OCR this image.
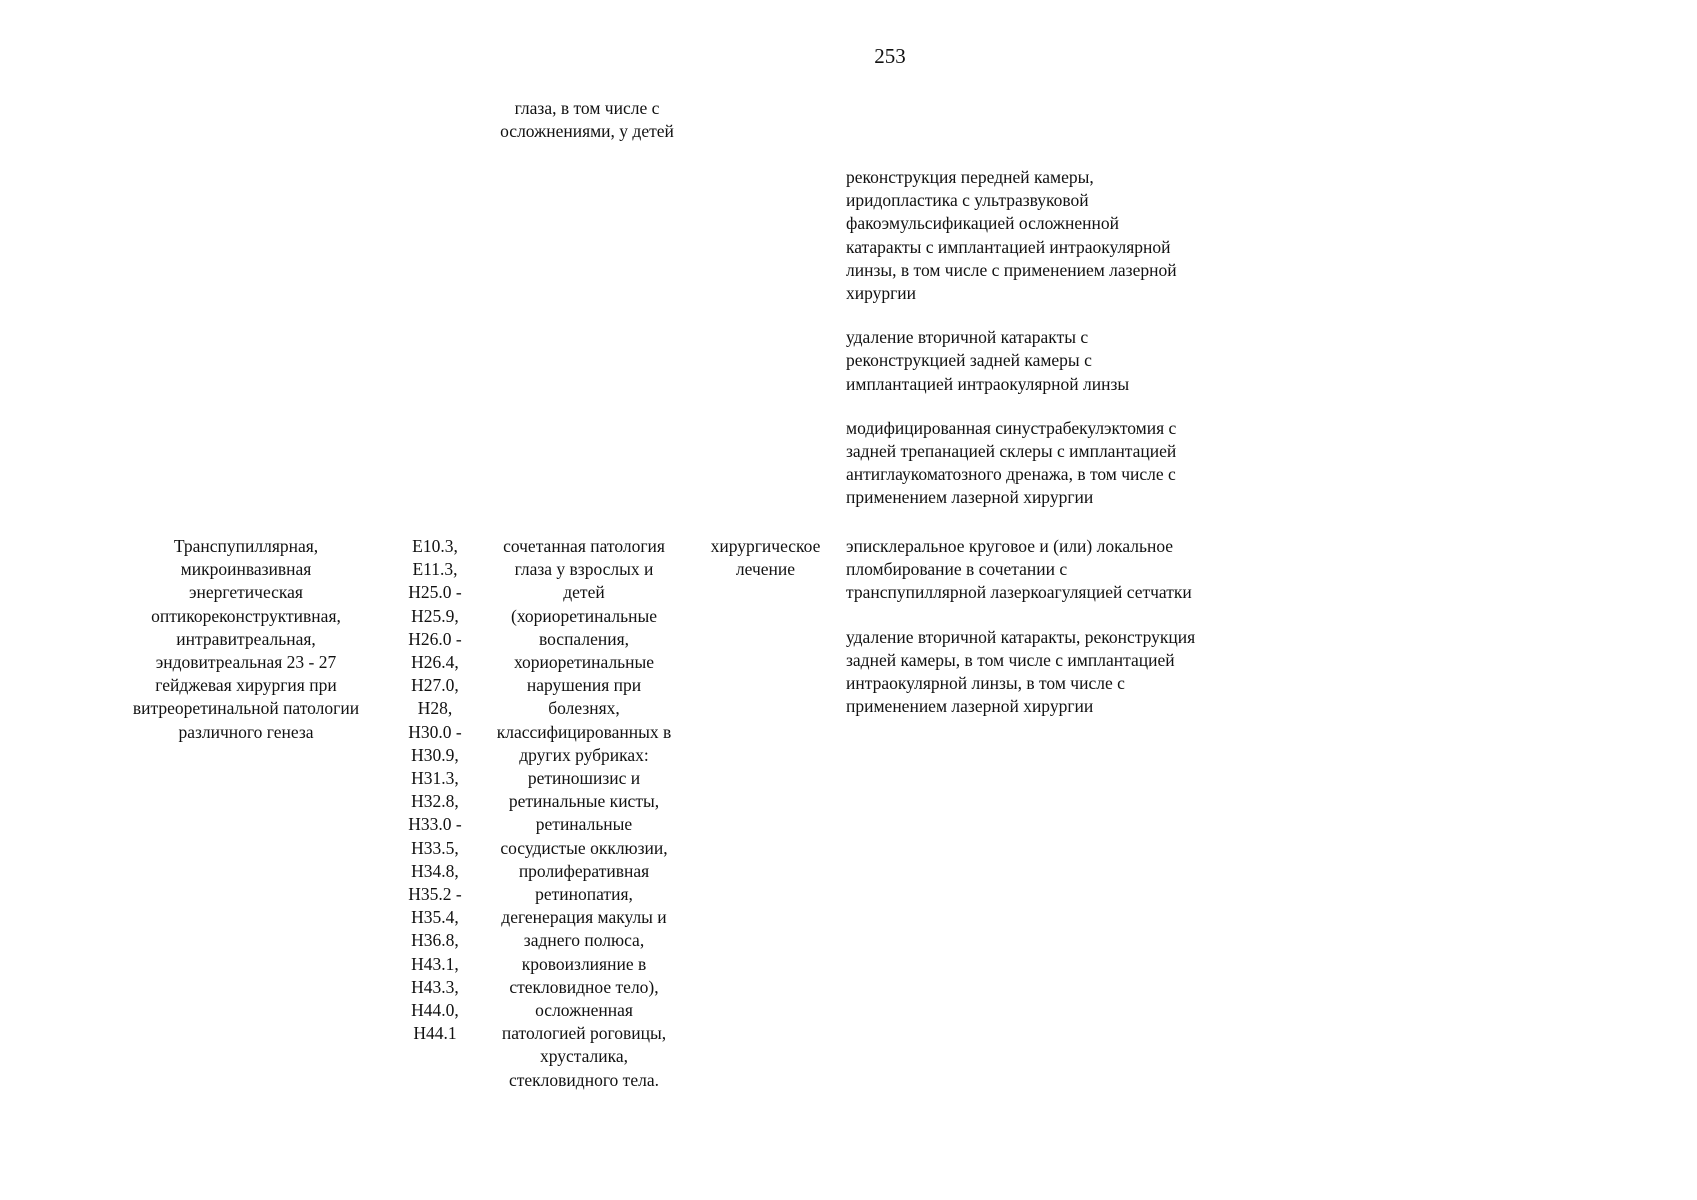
253
глаза, в том числе с
осложнениями, у детей
реконструкция передней камеры,
иридопластика с ультразвуковой
факоэмульсификацией осложненной
катаракты с имплантацией интраокулярной
линзы, в том числе с применением лазерной
хирургии
удаление вторичной катаракты с
реконструкцией задней камеры с
имплантацией интраокулярной линзы
модифицированная синустрабекулэктомия с
задней трепанацией склеры с имплантацией
антиглаукоматозного дренажа, в том числе с
применением лазерной хирургии
Транспупиллярная,
микроинвазивная
энергетическая
оптикореконструктивная,
интравитреальная,
эндовитреальная 23 - 27
гейджевая хирургия при
витреоретинальной патологии
различного генеза
E10.3,
E11.3,
H25.0 -
H25.9,
H26.0 -
H26.4,
H27.0,
H28,
H30.0 -
H30.9,
H31.3,
H32.8,
H33.0 -
H33.5,
H34.8,
H35.2 -
H35.4,
H36.8,
H43.1,
H43.3,
H44.0,
H44.1
сочетанная патология
глаза у взрослых и
детей
(хориоретинальные
воспаления,
хориоретинальные
нарушения при
болезнях,
классифицированных в
других рубриках:
ретиношизис и
ретинальные кисты,
ретинальные
сосудистые окклюзии,
пролиферативная
ретинопатия,
дегенерация макулы и
заднего полюса,
кровоизлияние в
стекловидное тело),
осложненная
патологией роговицы,
хрусталика,
стекловидного тела.
хирургическое
лечение
эписклеральное круговое и (или) локальное
пломбирование в сочетании с
транспупиллярной лазеркоагуляцией сетчатки
удаление вторичной катаракты, реконструкция
задней камеры, в том числе с имплантацией
интраокулярной линзы, в том числе с
применением лазерной хирургии
